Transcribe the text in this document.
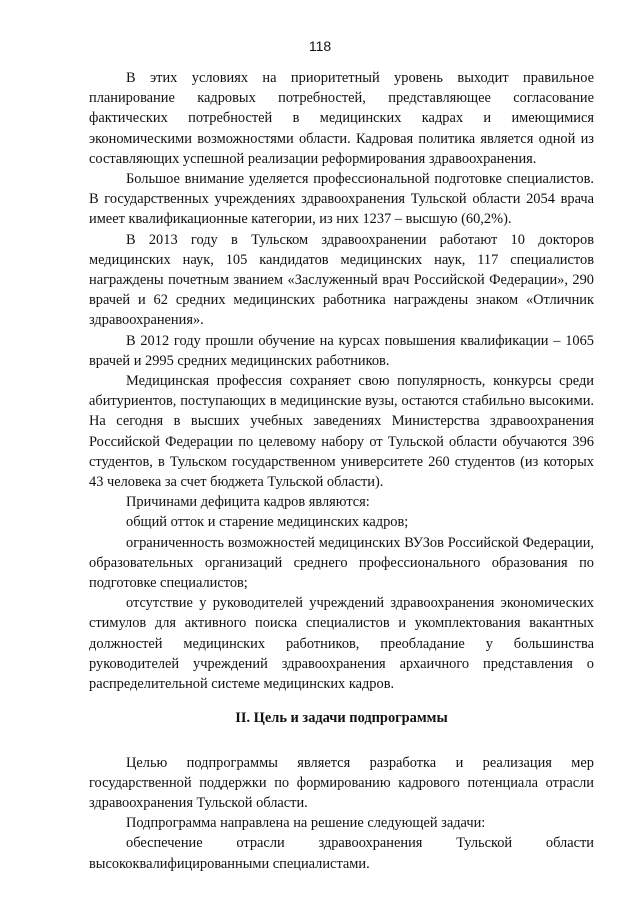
118

В этих условиях на приоритетный уровень выходит правильное планирование кадровых потребностей, представляющее согласование фактических потребностей в медицинских кадрах и имеющимися экономическими возможностями области. Кадровая политика является одной из составляющих успешной реализации реформирования здравоохранения.

Большое внимание уделяется профессиональной подготовке специалистов. В государственных учреждениях здравоохранения Тульской области 2054 врача имеет квалификационные категории, из них 1237 – высшую (60,2%).

В 2013 году в Тульском здравоохранении работают 10 докторов медицинских наук, 105 кандидатов медицинских наук, 117 специалистов награждены почетным званием «Заслуженный врач Российской Федерации», 290 врачей и 62 средних медицинских работника награждены знаком «Отличник здравоохранения».

В 2012 году прошли обучение на курсах повышения квалификации – 1065 врачей и 2995 средних медицинских работников.

Медицинская профессия сохраняет свою популярность, конкурсы среди абитуриентов, поступающих в медицинские вузы, остаются стабильно высокими. На сегодня в высших учебных заведениях Министерства здравоохранения Российской Федерации по целевому набору от Тульской области обучаются 396 студентов, в Тульском государственном университете 260 студентов (из которых 43 человека за счет бюджета Тульской области).

Причинами дефицита кадров являются:

общий отток и старение медицинских кадров;

ограниченность возможностей медицинских ВУЗов Российской Федерации, образовательных организаций среднего профессионального образования по подготовке специалистов;

отсутствие у руководителей учреждений здравоохранения экономических стимулов для активного поиска специалистов и укомплектования вакантных должностей медицинских работников, преобладание у большинства руководителей учреждений здравоохранения архаичного представления о распределительной системе медицинских кадров.

II. Цель и задачи подпрограммы

Целью подпрограммы является разработка и реализация мер государственной поддержки по формированию кадрового потенциала отрасли здравоохранения Тульской области.

Подпрограмма направлена на решение следующей задачи:

обеспечение отрасли здравоохранения Тульской области высококвалифицированными специалистами.
